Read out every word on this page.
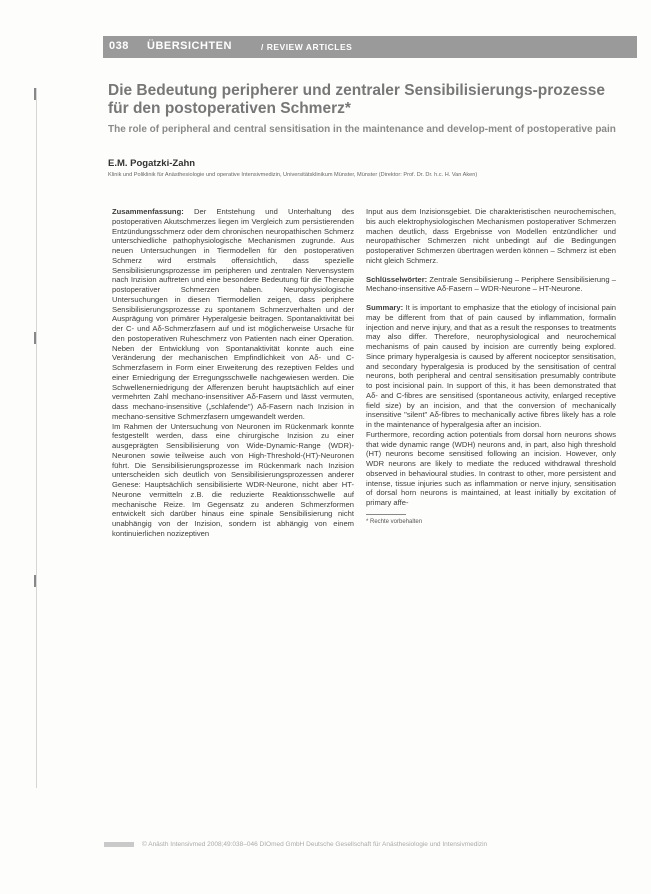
038 ÜBERSICHTEN	/ REVIEW ARTICLES
Die Bedeutung peripherer und zentraler Sensibilisierungs-prozesse für den postoperativen Schmerz*
The role of peripheral and central sensitisation in the maintenance and develop-ment of postoperative pain

E.M. Pogatzki-Zahn

Klinik und Poliklinik für Anästhesiologie und operative Intensivmedizin, Universitätsklinikum Münster, Münster (Direktor: Prof. Dr. Dr. h.c. H. Van Aken)

Zusammenfassung: Der Entstehung und Unterhaltung des postoperativen Akutschmerzes liegen im Vergleich zum persistierenden Entzündungsschmerz oder dem chronischen neuropathischen Schmerz unterschiedliche pathophysiologische Mechanismen zugrunde. Aus neuen Untersuchungen in Tiermodellen für den postoperativen Schmerz wird erstmals offensichtlich, dass spezielle Sensibilisierungsprozesse im peripheren und zentralen Nervensystem nach Inzision auftreten und eine besondere Bedeutung für die Therapie postoperativer Schmerzen haben. Neurophysiologische Untersuchungen in diesen Tiermodellen zeigen, dass periphere Sensibilisierungsprozesse zu spontanem Schmerzverhalten und der Ausprägung von primärer Hyperalgesie beitragen. Spontanaktivität bei der C- und Aδ-Schmerzfasern auf und ist möglicherweise Ursache für den postoperativen Ruheschmerz von Patienten nach einer Operation. Neben der Entwicklung von Spontanaktivität konnte auch eine Veränderung der mechanischen Empfindlichkeit von Aδ- und C-Schmerzfasern in Form einer Erweiterung des rezeptiven Feldes und einer Erniedrigung der Erregungsschwelle nachgewiesen werden. Die Schwellenerniedrigung der Afferenzen beruht hauptsächlich auf einer vermehrten Zahl mechano-insensitiver Aδ-Fasern und lässt vermuten, dass mechano-insensitive („schlafende") Aδ-Fasern nach Inzision in mechano-sensitive Schmerzfasern umgewandelt werden.

Im Rahmen der Untersuchung von Neuronen im Rückenmark konnte festgestellt werden, dass eine chirurgische Inzision zu einer ausgeprägten Sensibilisierung von Wide-Dynamic-Range (WDR)-Neuronen sowie teilweise auch von High-Threshold-(HT)-Neuronen führt. Die Sensibilisierungsprozesse im Rückenmark nach Inzision unterscheiden sich deutlich von Sensibilisierungsprozessen anderer Genese: Hauptsächlich sensibilisierte WDR-Neurone, nicht aber HT-Neurone vermitteln z.B. die reduzierte Reaktionsschwelle auf mechanische Reize. Im Gegensatz zu anderen Schmerzformen entwickelt sich darüber hinaus eine spinale Sensibilisierung nicht unabhängig von der Inzision, sondern ist abhängig von einem kontinuierlichen nozizeptiven

Input aus dem Inzisionsgebiet. Die charakteristischen neurochemischen, bis auch elektrophysiologischen Mechanismen postoperativer Schmerzen machen deutlich, dass Ergebnisse von Modellen entzündlicher und neuropathischer Schmerzen nicht unbedingt auf die Bedingungen postoperativer Schmerzen übertragen werden können – Schmerz ist eben nicht gleich Schmerz.

Schlüsselwörter: Zentrale Sensibilisierung – Periphere Sensibilisierung – Mechano-insensitive Aδ-Fasern – WDR-Neurone – HT-Neurone.

Summary: It is important to emphasize that the etiology of incisional pain may be different from that of pain caused by inflammation, formalin injection and nerve injury, and that as a result the responses to treatments may also differ. Therefore, neurophysiological and neurochemical mechanisms of pain caused by incision are currently being explored. Since primary hyperalgesia is caused by afferent nociceptor sensitisation, and secondary hyperalgesia is produced by the sensitisation of central neurons, both peripheral and central sensitisation presumably contribute to post incisional pain. In support of this, it has been demonstrated that Aδ- and C-fibres are sensitised (spontaneous activity, enlarged receptive field size) by an incision, and that the conversion of mechanically insensitive "silent" Aδ-fibres to mechanically active fibres likely has a role in the maintenance of hyperalgesia after an incision.

Furthermore, recording action potentials from dorsal horn neurons shows that wide dynamic range (WDH) neurons and, in part, also high threshold (HT) neurons become sensitised following an incision. However, only WDR neurons are likely to mediate the reduced withdrawal threshold observed in behavioural studies. In contrast to other, more persistent and intense, tissue injuries such as inflammation or nerve injury, sensitisation of dorsal horn neurons is maintained, at least initially by excitation of primary affe-

* Rechte vorbehalten

© Anästh Intensivmed 2008;49:038–046 DIOmed GmbH Deutsche Gesellschaft für Anästhesiologie und Intensivmedizin
